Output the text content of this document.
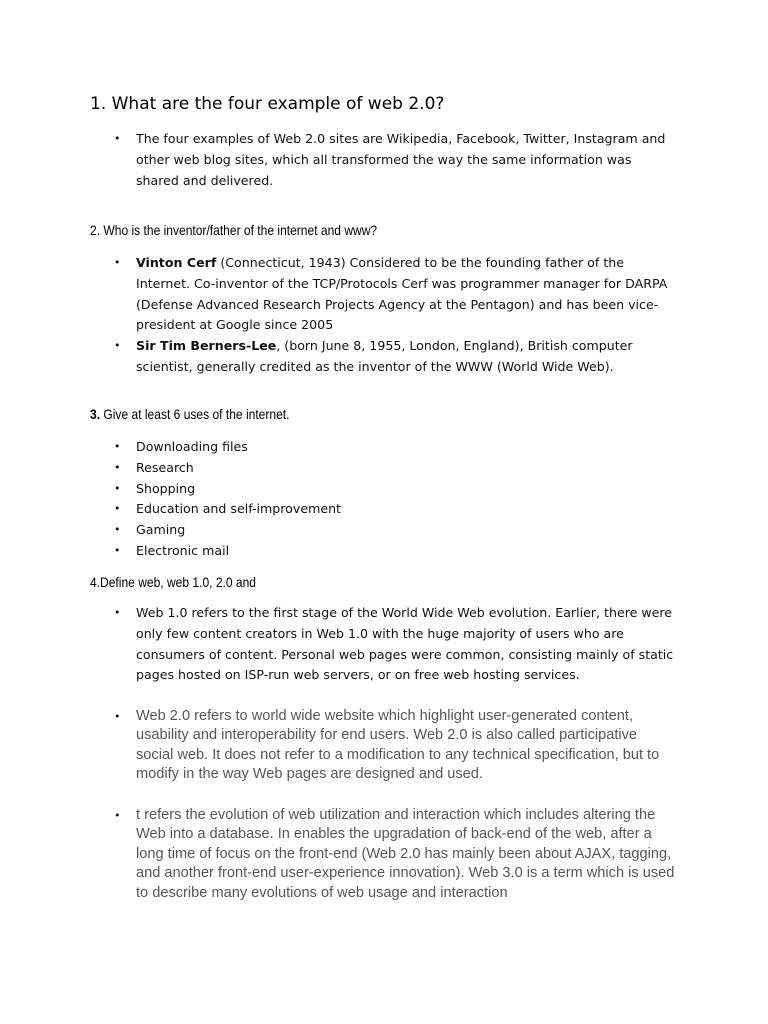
1. What are the four example of web 2.0?
• The four examples of Web 2.0 sites are Wikipedia, Facebook, Twitter, Instagram and other web blog sites, which all transformed the way the same information was shared and delivered.
2. Who is the inventor/father of the internet and www?
• Vinton Cerf (Connecticut, 1943) Considered to be the founding father of the Internet. Co-inventor of the TCP/Protocols Cerf was programmer manager for DARPA (Defense Advanced Research Projects Agency at the Pentagon) and has been vice-president at Google since 2005
• Sir Tim Berners-Lee, (born June 8, 1955, London, England), British computer scientist, generally credited as the inventor of the WWW (World Wide Web).
3. Give at least 6 uses of the internet.
• Downloading files
• Research
• Shopping
• Education and self-improvement
• Gaming
• Electronic mail
4.Define web, web 1.0, 2.0 and
• Web 1.0 refers to the first stage of the World Wide Web evolution. Earlier, there were only few content creators in Web 1.0 with the huge majority of users who are consumers of content. Personal web pages were common, consisting mainly of static pages hosted on ISP-run web servers, or on free web hosting services.
• Web 2.0 refers to world wide website which highlight user-generated content, usability and interoperability for end users. Web 2.0 is also called participative social web. It does not refer to a modification to any technical specification, but to modify in the way Web pages are designed and used.
• t refers the evolution of web utilization and interaction which includes altering the Web into a database. In enables the upgradation of back-end of the web, after a long time of focus on the front-end (Web 2.0 has mainly been about AJAX, tagging, and another front-end user-experience innovation). Web 3.0 is a term which is used to describe many evolutions of web usage and interaction
